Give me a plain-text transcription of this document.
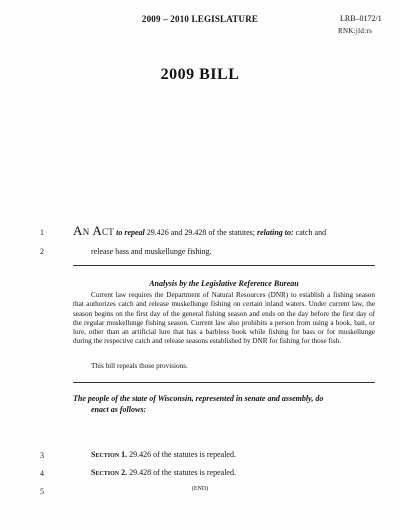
2009 – 2010 LEGISLATURE	LRB–0172/1
RNK:jld:rs
2009 BILL
1 An Act to repeal 29.426 and 29.428 of the statutes; relating to: catch and
2	release bass and muskellunge fishing.
Analysis by the Legislative Reference Bureau
Current law requires the Department of Natural Resources (DNR) to establish a fishing season that authorizes catch and release muskellunge fishing on certain inland waters. Under current law, the season begins on the first day of the general fishing season and ends on the day before the first day of the regular muskellunge fishing season. Current law also prohibits a person from using a hook, bait, or lure, other than an artificial lure that has a barbless hook while fishing for bass or for muskellunge during the respective catch and release seasons established by DNR for fishing for those fish.
This bill repeals those provisions.
The people of the state of Wisconsin, represented in senate and assembly, do
enact as follows:
3	Section 1. 29.426 of the statutes is repealed.
4	Section 2. 29.428 of the statutes is repealed.
5	(END)
